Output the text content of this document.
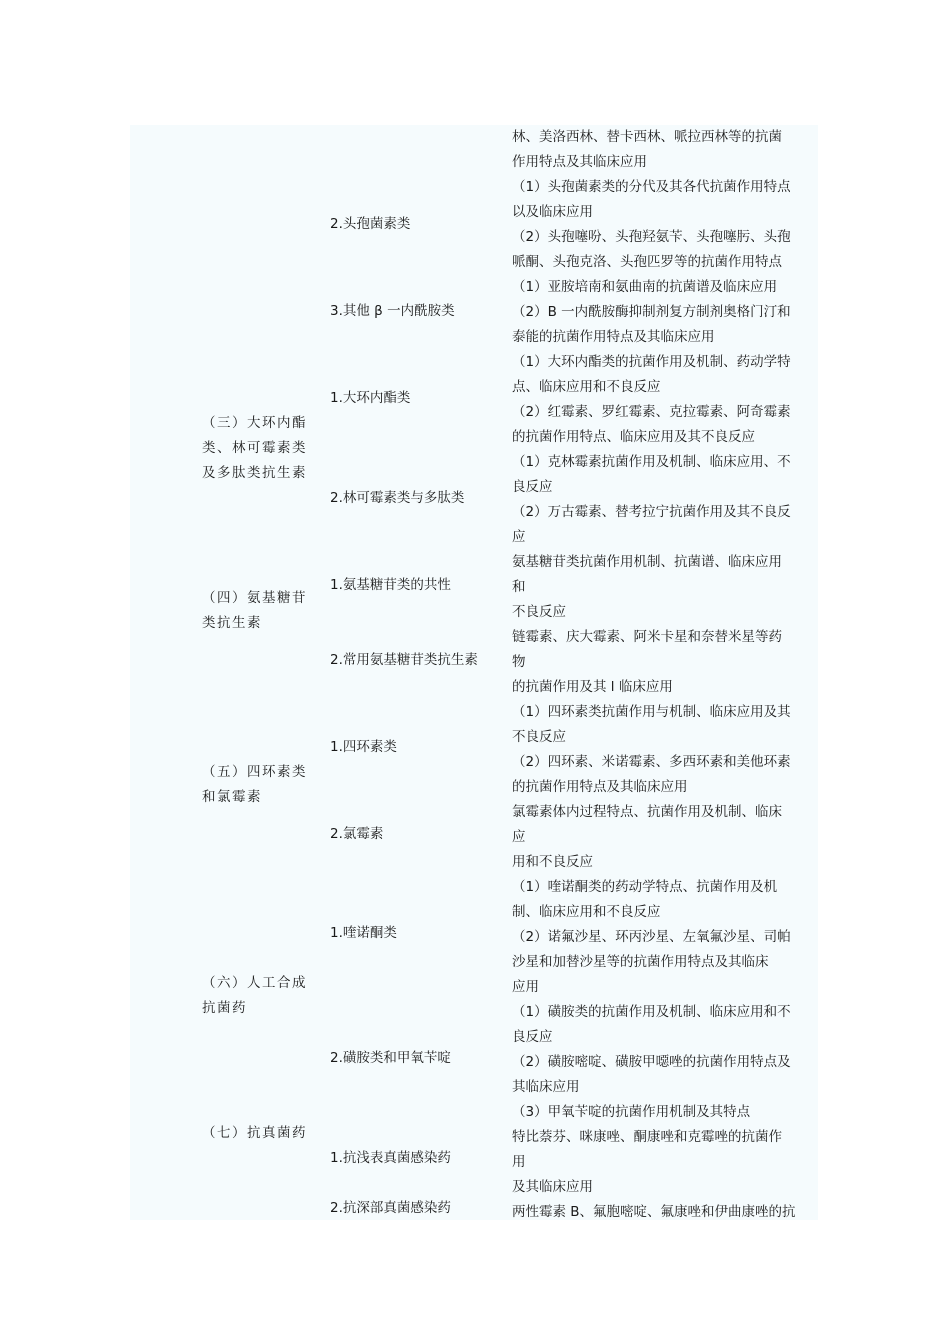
（三）大环内酯
类、林可霉素类
及多肽类抗生素
（四）氨基糖苷
类抗生素
（五）四环素类
和氯霉素
（六）人工合成
抗菌药
（七）抗真菌药
2.头孢菌素类
3.其他 β 一内酰胺类
1.大环内酯类
2.林可霉素类与多肽类
1.氨基糖苷类的共性
2.常用氨基糖苷类抗生素
1.四环素类
2.氯霉素
1.喹诺酮类
2.磺胺类和甲氧苄啶
1.抗浅表真菌感染药
2.抗深部真菌感染药
林、美洛西林、替卡西林、哌拉西林等的抗菌
作用特点及其临床应用
（1）头孢菌素类的分代及其各代抗菌作用特点
以及临床应用
（2）头孢噻吩、头孢羟氨苄、头孢噻肟、头孢
哌酮、头孢克洛、头孢匹罗等的抗菌作用特点
（1）亚胺培南和氨曲南的抗菌谱及临床应用
（2）Β 一内酰胺酶抑制剂复方制剂奥格门汀和
泰能的抗菌作用特点及其临床应用
（1）大环内酯类的抗菌作用及机制、药动学特
点、临床应用和不良反应
（2）红霉素、罗红霉素、克拉霉素、阿奇霉素
的抗菌作用特点、临床应用及其不良反应
（1）克林霉素抗菌作用及机制、临床应用、不
良反应
（2）万古霉素、替考拉宁抗菌作用及其不良反
应
氨基糖苷类抗菌作用机制、抗菌谱、临床应用
和
不良反应
链霉素、庆大霉素、阿米卡星和奈替米星等药
物
的抗菌作用及其 l 临床应用
（1）四环素类抗菌作用与机制、临床应用及其
不良反应
（2）四环素、米诺霉素、多西环素和美他环素
的抗菌作用特点及其临床应用
氯霉素体内过程特点、抗菌作用及机制、临床
应
用和不良反应
（1）喹诺酮类的药动学特点、抗菌作用及机
制、临床应用和不良反应
（2）诺氟沙星、环丙沙星、左氧氟沙星、司帕
沙星和加替沙星等的抗菌作用特点及其临床
应用
（1）磺胺类的抗菌作用及机制、临床应用和不
良反应
（2）磺胺嘧啶、磺胺甲噁唑的抗菌作用特点及
其临床应用
（3）甲氧苄啶的抗菌作用机制及其特点
特比萘芬、咪康唑、酮康唑和克霉唑的抗菌作
用
及其临床应用
两性霉素 B、氟胞嘧啶、氟康唑和伊曲康唑的抗
